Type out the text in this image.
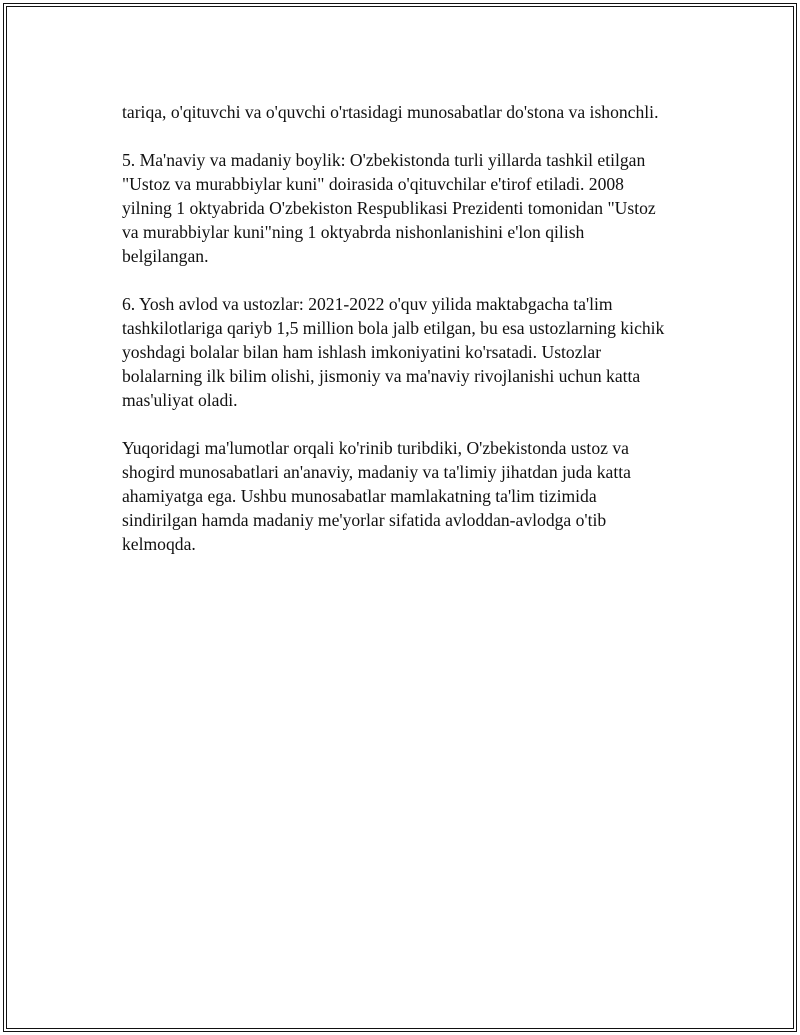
tariqa, o'qituvchi va o'quvchi o'rtasidagi munosabatlar do'stona va ishonchli.

5. Ma'naviy va madaniy boylik: O'zbekistonda turli yillarda tashkil etilgan
"Ustoz va murabbiylar kuni" doirasida o'qituvchilar e'tirof etiladi. 2008
yilning 1 oktyabrida O'zbekiston Respublikasi Prezidenti tomonidan "Ustoz
va murabbiylar kuni"ning 1 oktyabrda nishonlanishini e'lon qilish
belgilangan.

6. Yosh avlod va ustozlar: 2021-2022 o'quv yilida maktabgacha ta'lim
tashkilotlariga qariyb 1,5 million bola jalb etilgan, bu esa ustozlarning kichik
yoshdagi bolalar bilan ham ishlash imkoniyatini ko'rsatadi. Ustozlar
bolalarning ilk bilim olishi, jismoniy va ma'naviy rivojlanishi uchun katta
mas'uliyat oladi.

Yuqoridagi ma'lumotlar orqali ko'rinib turibdiki, O'zbekistonda ustoz va
shogird munosabatlari an'anaviy, madaniy va ta'limiy jihatdan juda katta
ahamiyatga ega. Ushbu munosabatlar mamlakatning ta'lim tizimida
sindirilgan hamda madaniy me'yorlar sifatida avloddan-avlodga o'tib
kelmoqda.
